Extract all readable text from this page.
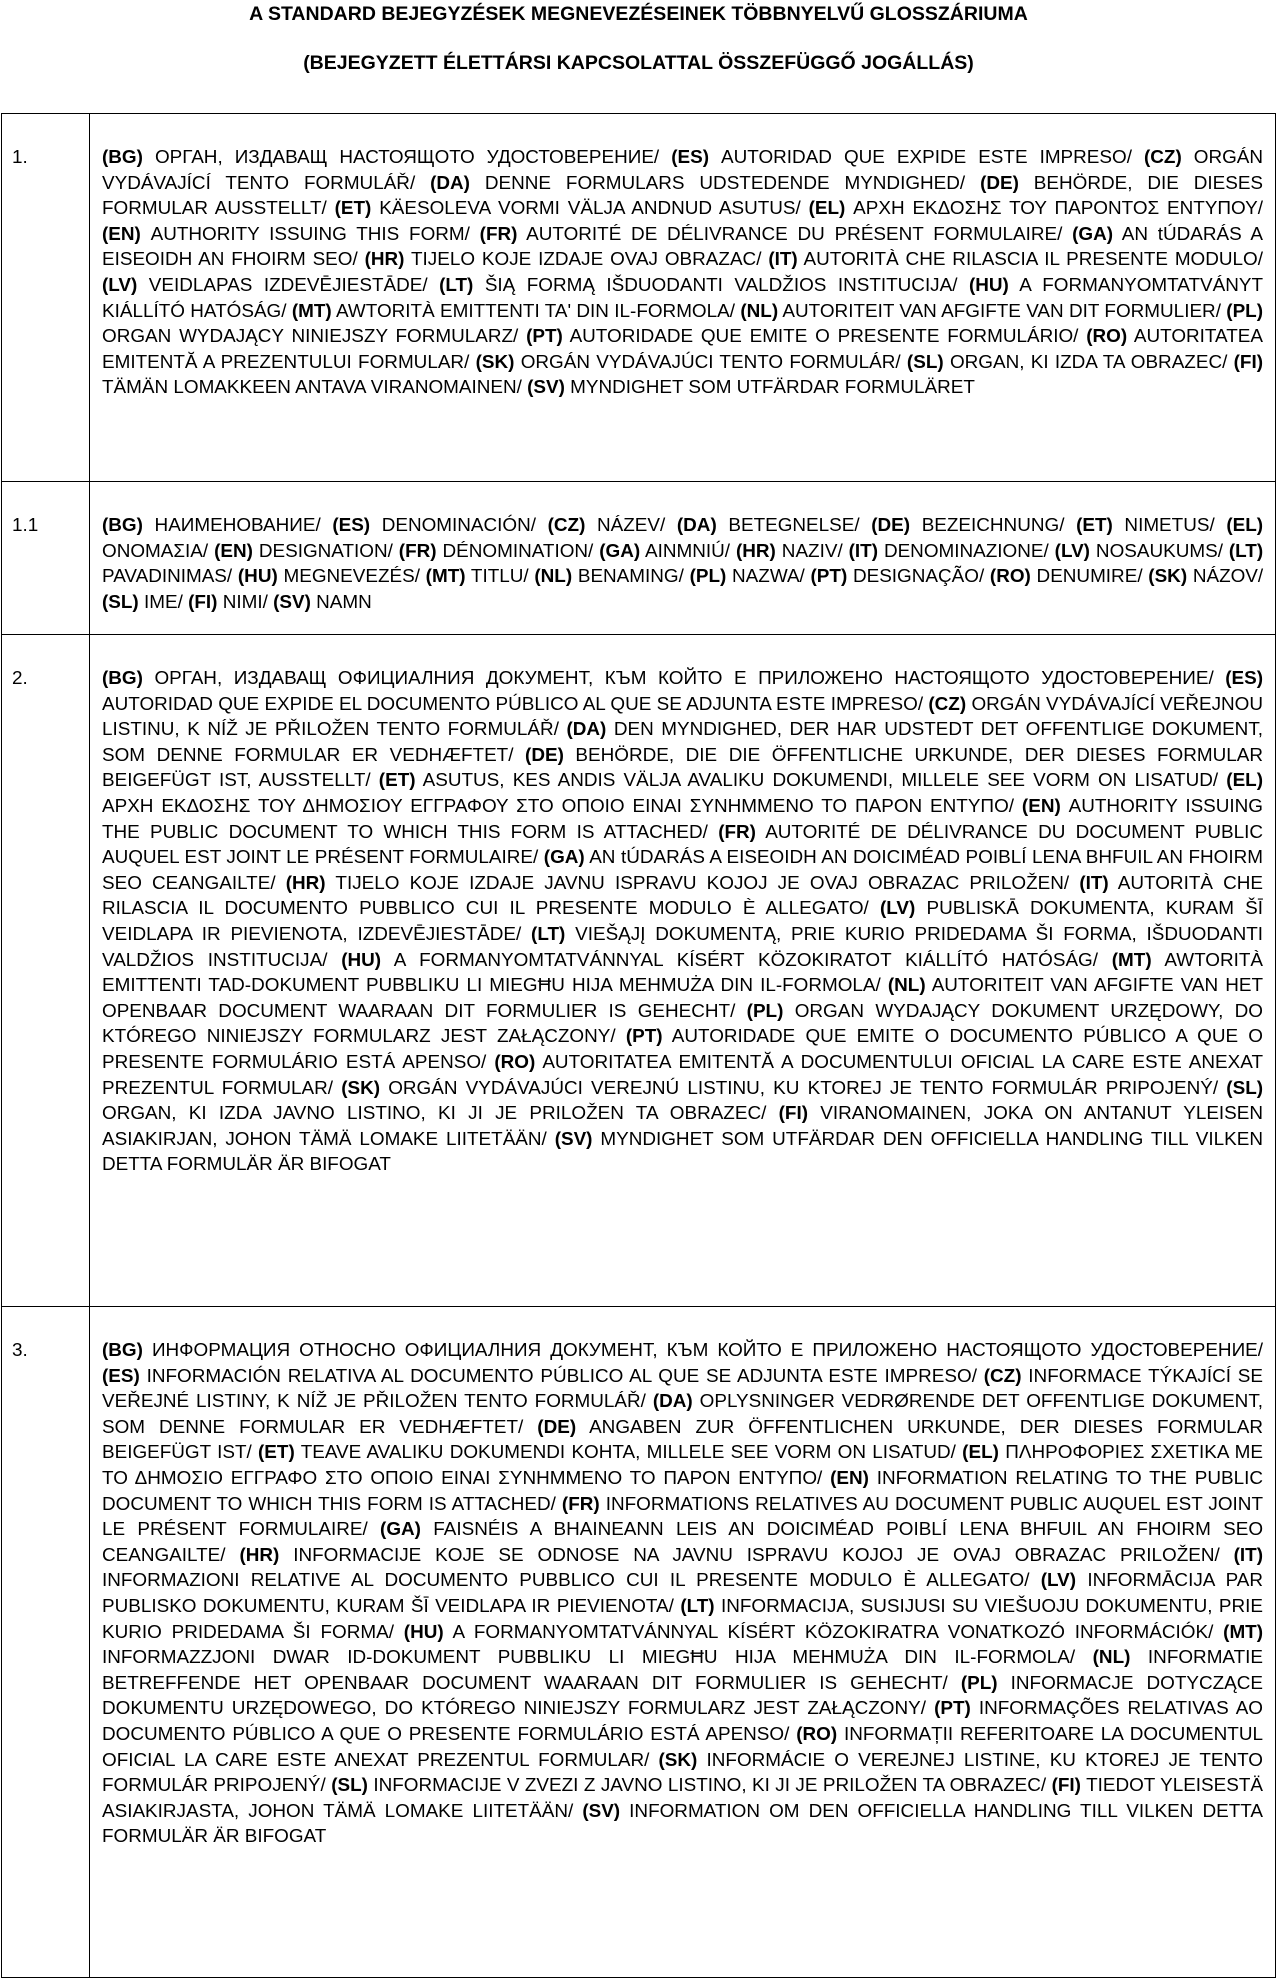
A STANDARD BEJEGYZÉSEK MEGNEVEZÉSEINEK TÖBBNYELVŰ GLOSSZÁRIUMA
(BEJEGYZETT ÉLETTÁRSI KAPCSOLATTAL ÖSSZEFÜGGŐ JOGÁLLÁS)
1.	(BG) ОРГАН, ИЗДАВАЩ НАСТОЯЩОТО УДОСТОВЕРЕНИЕ/ (ES) AUTORIDAD QUE EXPIDE ESTE IMPRESO/ (CZ) ORGÁN VYDÁVAJÍCÍ TENTO FORMULÁŘ/ (DA) DENNE FORMULARS UDSTEDENDE MYNDIGHED/ (DE) BEHÖRDE, DIE DIESES FORMULAR AUSSTELLT/ (ET) KÄESOLEVA VORMI VÄLJA ANDNUD ASUTUS/ (EL) ΑΡΧΗ ΕΚΔΟΣΗΣ ΤΟΥ ΠΑΡΟΝΤΟΣ ΕΝΤΥΠΟΥ/ (EN) AUTHORITY ISSUING THIS FORM/ (FR) AUTORITÉ DE DÉLIVRANCE DU PRÉSENT FORMULAIRE/ (GA) AN tÚDARÁS A EISEOIDH AN FHOIRM SEO/ (HR) TIJELO KOJE IZDAJE OVAJ OBRAZAC/ (IT) AUTORITÀ CHE RILASCIA IL PRESENTE MODULO/ (LV) VEIDLAPAS IZDEVĒJIESTĀDE/ (LT) ŠIĄ FORMĄ IŠDUODANTI VALDŽIOS INSTITUCIJA/ (HU) A FORMANYOMTATVÁNYT KIÁLLÍTÓ HATÓSÁG/ (MT) AWTORITÀ EMITTENTI TA' DIN IL-FORMOLA/ (NL) AUTORITEIT VAN AFGIFTE VAN DIT FORMULIER/ (PL) ORGAN WYDAJĄCY NINIEJSZY FORMULARZ/ (PT) AUTORIDADE QUE EMITE O PRESENTE FORMULÁRIO/ (RO) AUTORITATEA EMITENTĂ A PREZENTULUI FORMULAR/ (SK) ORGÁN VYDÁVAJÚCI TENTO FORMULÁR/ (SL) ORGAN, KI IZDA TA OBRAZEC/ (FI) TÄMÄN LOMAKKEEN ANTAVA VIRANOMAINEN/ (SV) MYNDIGHET SOM UTFÄRDAR FORMULÄRET
1.1	(BG) НАИМЕНОВАНИЕ/ (ES) DENOMINACIÓN/ (CZ) NÁZEV/ (DA) BETEGNELSE/ (DE) BEZEICHNUNG/ (ET) NIMETUS/ (EL) ΟΝΟΜΑΣΙΑ/ (EN) DESIGNATION/ (FR) DÉNOMINATION/ (GA) AINMNIÚ/ (HR) NAZIV/ (IT) DENOMINAZIONE/ (LV) NOSAUKUMS/ (LT) PAVADINIMAS/ (HU) MEGNEVEZÉS/ (MT) TITLU/ (NL) BENAMING/ (PL) NAZWA/ (PT) DESIGNAÇÃO/ (RO) DENUMIRE/ (SK) NÁZOV/ (SL) IME/ (FI) NIMI/ (SV) NAMN
2.	(BG) ОРГАН, ИЗДАВАЩ ОФИЦИАЛНИЯ ДОКУМЕНТ, КЪМ КОЙТО Е ПРИЛОЖЕНО НАСТОЯЩОТО УДОСТОВЕРЕНИЕ/ (ES) AUTORIDAD QUE EXPIDE EL DOCUMENTO PÚBLICO AL QUE SE ADJUNTA ESTE IMPRESO/ (CZ) ORGÁN VYDÁVAJÍCÍ VEŘEJNOU LISTINU, K NÍŽ JE PŘILOŽEN TENTO FORMULÁŘ/ (DA) DEN MYNDIGHED, DER HAR UDSTEDT DET OFFENTLIGE DOKUMENT, SOM DENNE FORMULAR ER VEDHÆFTET/ (DE) BEHÖRDE, DIE DIE ÖFFENTLICHE URKUNDE, DER DIESES FORMULAR BEIGEFÜGT IST, AUSSTELLT/ (ET) ASUTUS, KES ANDIS VÄLJA AVALIKU DOKUMENDI, MILLELE SEE VORM ON LISATUD/ (EL) ΑΡΧΗ ΕΚΔΟΣΗΣ ΤΟΥ ΔΗΜΟΣΙΟΥ ΕΓΓΡΑΦΟΥ ΣΤΟ ΟΠΟΙΟ ΕΙΝΑΙ ΣΥΝΗΜΜΕΝΟ ΤΟ ΠΑΡΟΝ ΕΝΤΥΠΟ/ (EN) AUTHORITY ISSUING THE PUBLIC DOCUMENT TO WHICH THIS FORM IS ATTACHED/ (FR) AUTORITÉ DE DÉLIVRANCE DU DOCUMENT PUBLIC AUQUEL EST JOINT LE PRÉSENT FORMULAIRE/ (GA) AN tÚDARÁS A EISEOIDH AN DOICIMÉAD POIBLÍ LENA BHFUIL AN FHOIRM SEO CEANGAILTE/ (HR) TIJELO KOJE IZDAJE JAVNU ISPRAVU KOJOJ JE OVAJ OBRAZAC PRILOŽEN/ (IT) AUTORITÀ CHE RILASCIA IL DOCUMENTO PUBBLICO CUI IL PRESENTE MODULO È ALLEGATO/ (LV) PUBLISKĀ DOKUMENTA, KURAM ŠĪ VEIDLAPA IR PIEVIENOTA, IZDEVĒJIESTĀDE/ (LT) VIEŠĄJĮ DOKUMENTĄ, PRIE KURIO PRIDEDAMA ŠI FORMA, IŠDUODANTI VALDŽIOS INSTITUCIJA/ (HU) A FORMANYOMTATVÁNNYAL KÍSÉRT KÖZOKIRATOT KIÁLLÍTÓ HATÓSÁG/ (MT) AWTORITÀ EMITTENTI TAD-DOKUMENT PUBBLIKU LI MIEGĦU HIJA MEHMUŻA DIN IL-FORMOLA/ (NL) AUTORITEIT VAN AFGIFTE VAN HET OPENBAAR DOCUMENT WAARAAN DIT FORMULIER IS GEHECHT/ (PL) ORGAN WYDAJĄCY DOKUMENT URZĘDOWY, DO KTÓREGO NINIEJSZY FORMULARZ JEST ZAŁĄCZONY/ (PT) AUTORIDADE QUE EMITE O DOCUMENTO PÚBLICO A QUE O PRESENTE FORMULÁRIO ESTÁ APENSO/ (RO) AUTORITATEA EMITENTĂ A DOCUMENTULUI OFICIAL LA CARE ESTE ANEXAT PREZENTUL FORMULAR/ (SK) ORGÁN VYDÁVAJÚCI VEREJNÚ LISTINU, KU KTOREJ JE TENTO FORMULÁR PRIPOJENÝ/ (SL) ORGAN, KI IZDA JAVNO LISTINO, KI JI JE PRILOŽEN TA OBRAZEC/ (FI) VIRANOMAINEN, JOKA ON ANTANUT YLEISEN ASIAKIRJAN, JOHON TÄMÄ LOMAKE LIITETÄÄN/ (SV) MYNDIGHET SOM UTFÄRDAR DEN OFFICIELLA HANDLING TILL VILKEN DETTA FORMULÄR ÄR BIFOGAT
3.	(BG) ИНФОРМАЦИЯ ОТНОСНО ОФИЦИАЛНИЯ ДОКУМЕНТ, КЪМ КОЙТО Е ПРИЛОЖЕНО НАСТОЯЩОТО УДОСТОВЕРЕНИЕ/ (ES) INFORMACIÓN RELATIVA AL DOCUMENTO PÚBLICO AL QUE SE ADJUNTA ESTE IMPRESO/ (CZ) INFORMACE TÝKAJÍCÍ SE VEŘEJNÉ LISTINY, K NÍŽ JE PŘILOŽEN TENTO FORMULÁŘ/ (DA) OPLYSNINGER VEDRØRENDE DET OFFENTLIGE DOKUMENT, SOM DENNE FORMULAR ER VEDHÆFTET/ (DE) ANGABEN ZUR ÖFFENTLICHEN URKUNDE, DER DIESES FORMULAR BEIGEFÜGT IST/ (ET) TEAVE AVALIKU DOKUMENDI KOHTA, MILLELE SEE VORM ON LISATUD/ (EL) ΠΛΗΡΟΦΟΡΙΕΣ ΣΧΕΤΙΚΑ ΜΕ ΤΟ ΔΗΜΟΣΙΟ ΕΓΓΡΑΦΟ ΣΤΟ ΟΠΟΙΟ ΕΙΝΑΙ ΣΥΝΗΜΜΕΝΟ ΤΟ ΠΑΡΟΝ ΕΝΤΥΠΟ/ (EN) INFORMATION RELATING TO THE PUBLIC DOCUMENT TO WHICH THIS FORM IS ATTACHED/ (FR) INFORMATIONS RELATIVES AU DOCUMENT PUBLIC AUQUEL EST JOINT LE PRÉSENT FORMULAIRE/ (GA) FAISNÉIS A BHAINEANN LEIS AN DOICIMÉAD POIBLÍ LENA BHFUIL AN FHOIRM SEO CEANGAILTE/ (HR) INFORMACIJE KOJE SE ODNOSE NA JAVNU ISPRAVU KOJOJ JE OVAJ OBRAZAC PRILOŽEN/ (IT) INFORMAZIONI RELATIVE AL DOCUMENTO PUBBLICO CUI IL PRESENTE MODULO È ALLEGATO/ (LV) INFORMĀCIJA PAR PUBLISKO DOKUMENTU, KURAM ŠĪ VEIDLAPA IR PIEVIENOTA/ (LT) INFORMACIJA, SUSIJUSI SU VIEŠUOJU DOKUMENTU, PRIE KURIO PRIDEDAMA ŠI FORMA/ (HU) A FORMANYOMTATVÁNNYAL KÍSÉRT KÖZOKIRATRA VONATKOZÓ INFORMÁCIÓK/ (MT) INFORMAZZJONI DWAR ID-DOKUMENT PUBBLIKU LI MIEGĦU HIJA MEHMUŻA DIN IL-FORMOLA/ (NL) INFORMATIE BETREFFENDE HET OPENBAAR DOCUMENT WAARAAN DIT FORMULIER IS GEHECHT/ (PL) INFORMACJE DOTYCZĄCE DOKUMENTU URZĘDOWEGO, DO KTÓREGO NINIEJSZY FORMULARZ JEST ZAŁĄCZONY/ (PT) INFORMAÇÕES RELATIVAS AO DOCUMENTO PÚBLICO A QUE O PRESENTE FORMULÁRIO ESTÁ APENSO/ (RO) INFORMAȚII REFERITOARE LA DOCUMENTUL OFICIAL LA CARE ESTE ANEXAT PREZENTUL FORMULAR/ (SK) INFORMÁCIE O VEREJNEJ LISTINE, KU KTOREJ JE TENTO FORMULÁR PRIPOJENÝ/ (SL) INFORMACIJE V ZVEZI Z JAVNO LISTINO, KI JI JE PRILOŽEN TA OBRAZEC/ (FI) TIEDOT YLEISESTÄ ASIAKIRJASTA, JOHON TÄMÄ LOMAKE LIITETÄÄN/ (SV) INFORMATION OM DEN OFFICIELLA HANDLING TILL VILKEN DETTA FORMULÄR ÄR BIFOGAT
